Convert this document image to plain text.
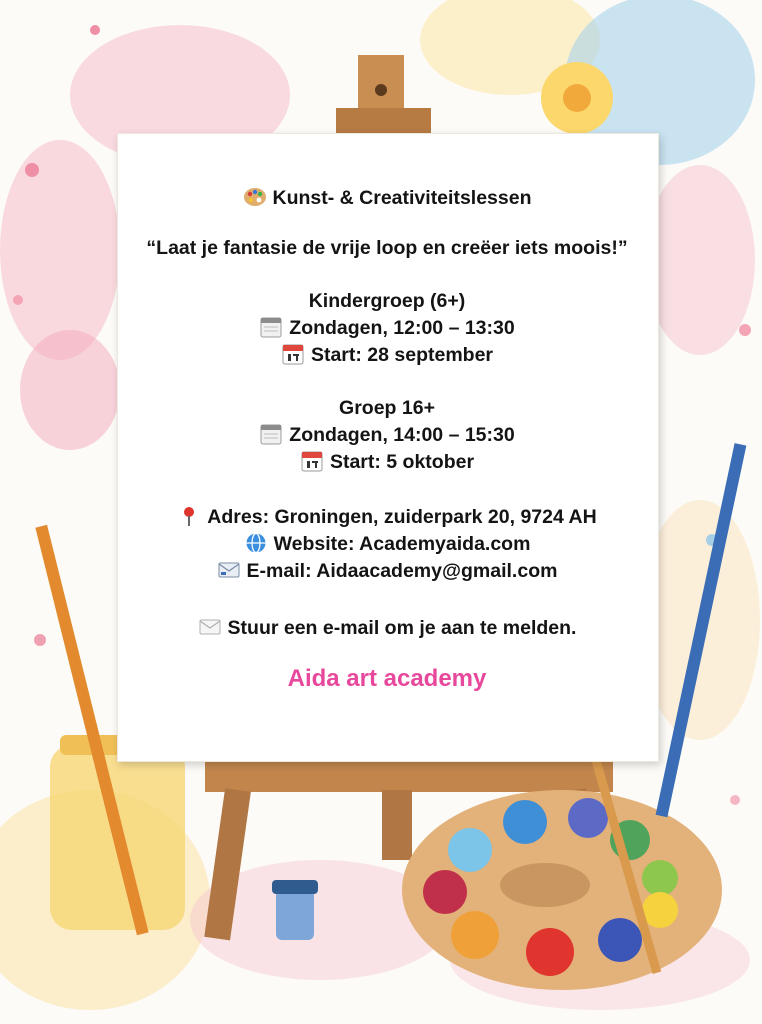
Kunst- & Creativiteitslessen
“Laat je fantasie de vrije loop en creëer iets moois!”
Kindergroep (6+)
Zondagen, 12:00 – 13:30
Start: 28 september
Groep 16+
Zondagen, 14:00 – 15:30
Start: 5 oktober
Adres: Groningen, zuiderpark 20, 9724 AH
Website: Academyaida.com
E-mail: Aidaacademy@gmail.com
Stuur een e-mail om je aan te melden.
Aida art academy
